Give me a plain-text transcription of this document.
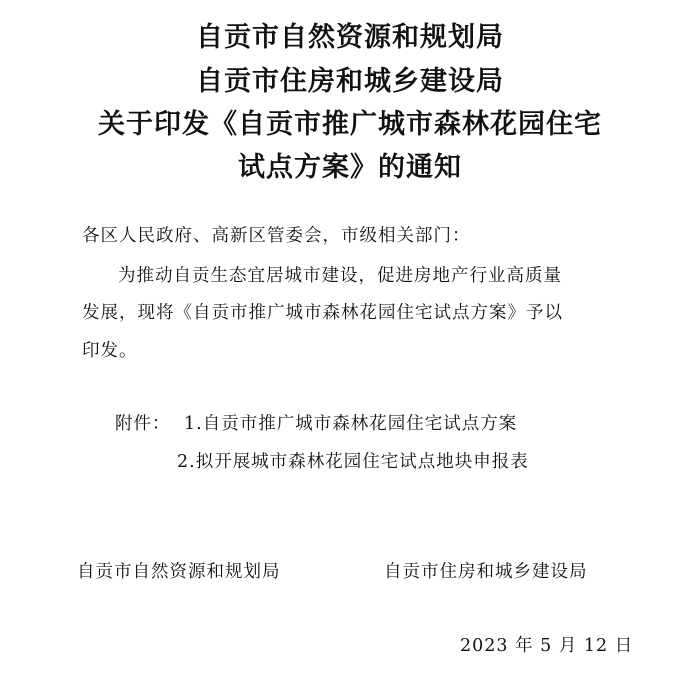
自贡市自然资源和规划局
自贡市住房和城乡建设局
关于印发《自贡市推广城市森林花园住宅
试点方案》的通知
各区人民政府、高新区管委会，市级相关部门：
为推动自贡生态宜居城市建设，促进房地产行业高质量
发展，现将《自贡市推广城市森林花园住宅试点方案》予以
印发。
附件： 1.自贡市推广城市森林花园住宅试点方案
2.拟开展城市森林花园住宅试点地块申报表
自贡市自然资源和规划局	自贡市住房和城乡建设局
2023 年 5 月 12 日
